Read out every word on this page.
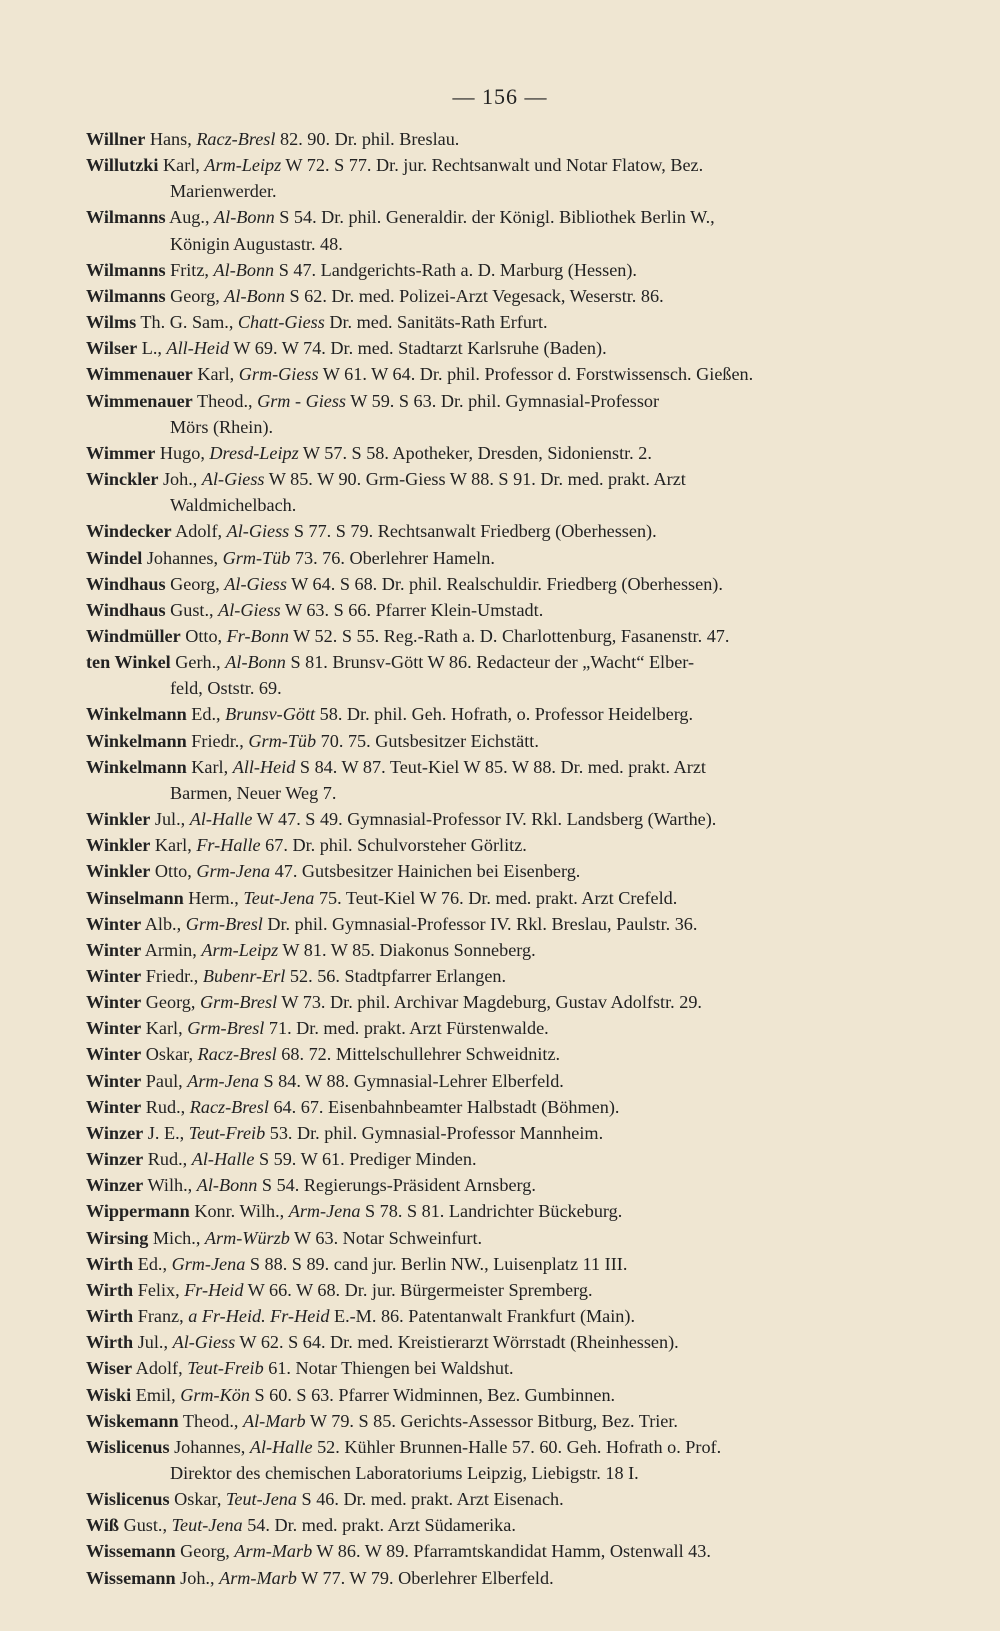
— 156 —
Willner Hans, Racz-Bresl 82. 90. Dr. phil. Breslau.
Willutzki Karl, Arm-Leipz W 72. S 77. Dr. jur. Rechtsanwalt und Notar Flatow, Bez.
Marienwerder.
Wilmanns Aug., Al-Bonn S 54. Dr. phil. Generaldir. der Königl. Bibliothek Berlin W.,
Königin Augustastr. 48.
Wilmanns Fritz, Al-Bonn S 47. Landgerichts-Rath a. D. Marburg (Hessen).
Wilmanns Georg, Al-Bonn S 62. Dr. med. Polizei-Arzt Vegesack, Weserstr. 86.
Wilms Th. G. Sam., Chatt-Giess Dr. med. Sanitäts-Rath Erfurt.
Wilser L., All-Heid W 69. W 74. Dr. med. Stadtarzt Karlsruhe (Baden).
Wimmenauer Karl, Grm-Giess W 61. W 64. Dr. phil. Professor d. Forstwissensch. Gießen.
Wimmenauer Theod., Grm - Giess W 59. S 63. Dr. phil. Gymnasial-Professor
Mörs (Rhein).
Wimmer Hugo, Dresd-Leipz W 57. S 58. Apotheker, Dresden, Sidonienstr. 2.
Winckler Joh., Al-Giess W 85. W 90. Grm-Giess W 88. S 91. Dr. med. prakt. Arzt
Waldmichelbach.
Windecker Adolf, Al-Giess S 77. S 79. Rechtsanwalt Friedberg (Oberhessen).
Windel Johannes, Grm-Tüb 73. 76. Oberlehrer Hameln.
Windhaus Georg, Al-Giess W 64. S 68. Dr. phil. Realschuldir. Friedberg (Oberhessen).
Windhaus Gust., Al-Giess W 63. S 66. Pfarrer Klein-Umstadt.
Windmüller Otto, Fr-Bonn W 52. S 55. Reg.-Rath a. D. Charlottenburg, Fasanenstr. 47.
ten Winkel Gerh., Al-Bonn S 81. Brunsv-Gött W 86. Redacteur der „Wacht“ Elber-
feld, Oststr. 69.
Winkelmann Ed., Brunsv-Gött 58. Dr. phil. Geh. Hofrath, o. Professor Heidelberg.
Winkelmann Friedr., Grm-Tüb 70. 75. Gutsbesitzer Eichstätt.
Winkelmann Karl, All-Heid S 84. W 87. Teut-Kiel W 85. W 88. Dr. med. prakt. Arzt
Barmen, Neuer Weg 7.
Winkler Jul., Al-Halle W 47. S 49. Gymnasial-Professor IV. Rkl. Landsberg (Warthe).
Winkler Karl, Fr-Halle 67. Dr. phil. Schulvorsteher Görlitz.
Winkler Otto, Grm-Jena 47. Gutsbesitzer Hainichen bei Eisenberg.
Winselmann Herm., Teut-Jena 75. Teut-Kiel W 76. Dr. med. prakt. Arzt Crefeld.
Winter Alb., Grm-Bresl Dr. phil. Gymnasial-Professor IV. Rkl. Breslau, Paulstr. 36.
Winter Armin, Arm-Leipz W 81. W 85. Diakonus Sonneberg.
Winter Friedr., Bubenr-Erl 52. 56. Stadtpfarrer Erlangen.
Winter Georg, Grm-Bresl W 73. Dr. phil. Archivar Magdeburg, Gustav Adolfstr. 29.
Winter Karl, Grm-Bresl 71. Dr. med. prakt. Arzt Fürstenwalde.
Winter Oskar, Racz-Bresl 68. 72. Mittelschullehrer Schweidnitz.
Winter Paul, Arm-Jena S 84. W 88. Gymnasial-Lehrer Elberfeld.
Winter Rud., Racz-Bresl 64. 67. Eisenbahnbeamter Halbstadt (Böhmen).
Winzer J. E., Teut-Freib 53. Dr. phil. Gymnasial-Professor Mannheim.
Winzer Rud., Al-Halle S 59. W 61. Prediger Minden.
Winzer Wilh., Al-Bonn S 54. Regierungs-Präsident Arnsberg.
Wippermann Konr. Wilh., Arm-Jena S 78. S 81. Landrichter Bückeburg.
Wirsing Mich., Arm-Würzb W 63. Notar Schweinfurt.
Wirth Ed., Grm-Jena S 88. S 89. cand jur. Berlin NW., Luisenplatz 11 III.
Wirth Felix, Fr-Heid W 66. W 68. Dr. jur. Bürgermeister Spremberg.
Wirth Franz, a Fr-Heid. Fr-Heid E.-M. 86. Patentanwalt Frankfurt (Main).
Wirth Jul., Al-Giess W 62. S 64. Dr. med. Kreistierarzt Wörrstadt (Rheinhessen).
Wiser Adolf, Teut-Freib 61. Notar Thiengen bei Waldshut.
Wiski Emil, Grm-Kön S 60. S 63. Pfarrer Widminnen, Bez. Gumbinnen.
Wiskemann Theod., Al-Marb W 79. S 85. Gerichts-Assessor Bitburg, Bez. Trier.
Wislicenus Johannes, Al-Halle 52. Kühler Brunnen-Halle 57. 60. Geh. Hofrath o. Prof.
Direktor des chemischen Laboratoriums Leipzig, Liebigstr. 18 I.
Wislicenus Oskar, Teut-Jena S 46. Dr. med. prakt. Arzt Eisenach.
Wiß Gust., Teut-Jena 54. Dr. med. prakt. Arzt Südamerika.
Wissemann Georg, Arm-Marb W 86. W 89. Pfarramtskandidat Hamm, Ostenwall 43.
Wissemann Joh., Arm-Marb W 77. W 79. Oberlehrer Elberfeld.
